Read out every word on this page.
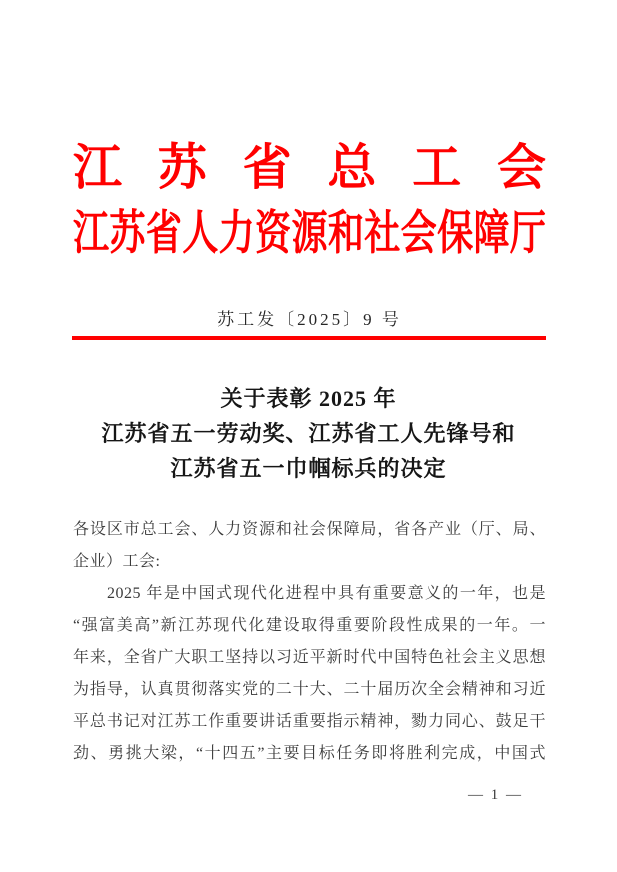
江 苏 省 总 工 会
江 苏 省 人 力 资 源 和 社 会 保 障 厅
苏工发〔2025〕9 号
关于表彰 2025 年
江苏省五一劳动奖、江苏省工人先锋号和
江苏省五一巾帼标兵的决定
各设区市总工会、人力资源和社会保障局，省各产业（厅、局、
企业）工会:
2025 年是中国式现代化进程中具有重要意义的一年，也是
“强富美高”新江苏现代化建设取得重要阶段性成果的一年。一
年来，全省广大职工坚持以习近平新时代中国特色社会主义思想
为指导，认真贯彻落实党的二十大、二十届历次全会精神和习近
平总书记对江苏工作重要讲话重要指示精神，勠力同心、鼓足干
劲、勇挑大梁，“十四五”主要目标任务即将胜利完成，中国式
— 1 —
